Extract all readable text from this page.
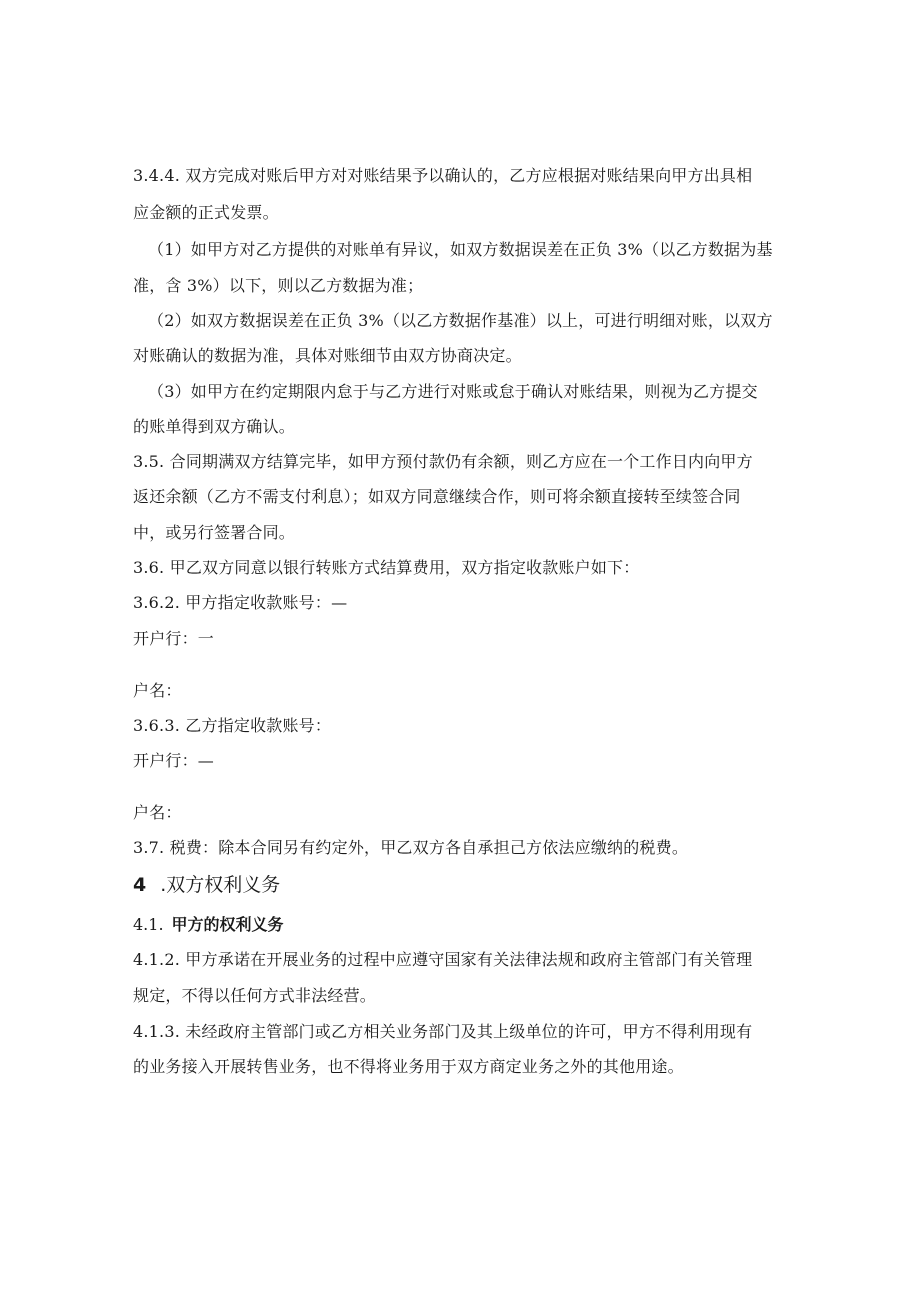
3.4.4. 双方完成对账后甲方对对账结果予以确认的，乙方应根据对账结果向甲方出具相
应金额的正式发票。
（1）如甲方对乙方提供的对账单有异议，如双方数据误差在正负 3%（以乙方数据为基
准，含 3%）以下，则以乙方数据为准；
（2）如双方数据误差在正负 3%（以乙方数据作基准）以上，可进行明细对账，以双方
对账确认的数据为准，具体对账细节由双方协商决定。
（3）如甲方在约定期限内怠于与乙方进行对账或怠于确认对账结果，则视为乙方提交
的账单得到双方确认。
3.5. 合同期满双方结算完毕，如甲方预付款仍有余额，则乙方应在一个工作日内向甲方
返还余额（乙方不需支付利息）；如双方同意继续合作，则可将余额直接转至续签合同
中，或另行签署合同。
3.6. 甲乙双方同意以银行转账方式结算费用，双方指定收款账户如下：
3.6.2. 甲方指定收款账号：—
开户行：一
户名：
3.6.3. 乙方指定收款账号：
开户行：—
户名：
3.7. 税费：除本合同另有约定外，甲乙双方各自承担己方依法应缴纳的税费。
4 .双方权利义务
4.1. 甲方的权利义务
4.1.2. 甲方承诺在开展业务的过程中应遵守国家有关法律法规和政府主管部门有关管理
规定，不得以任何方式非法经营。
4.1.3. 未经政府主管部门或乙方相关业务部门及其上级单位的许可，甲方不得利用现有
的业务接入开展转售业务，也不得将业务用于双方商定业务之外的其他用途。
